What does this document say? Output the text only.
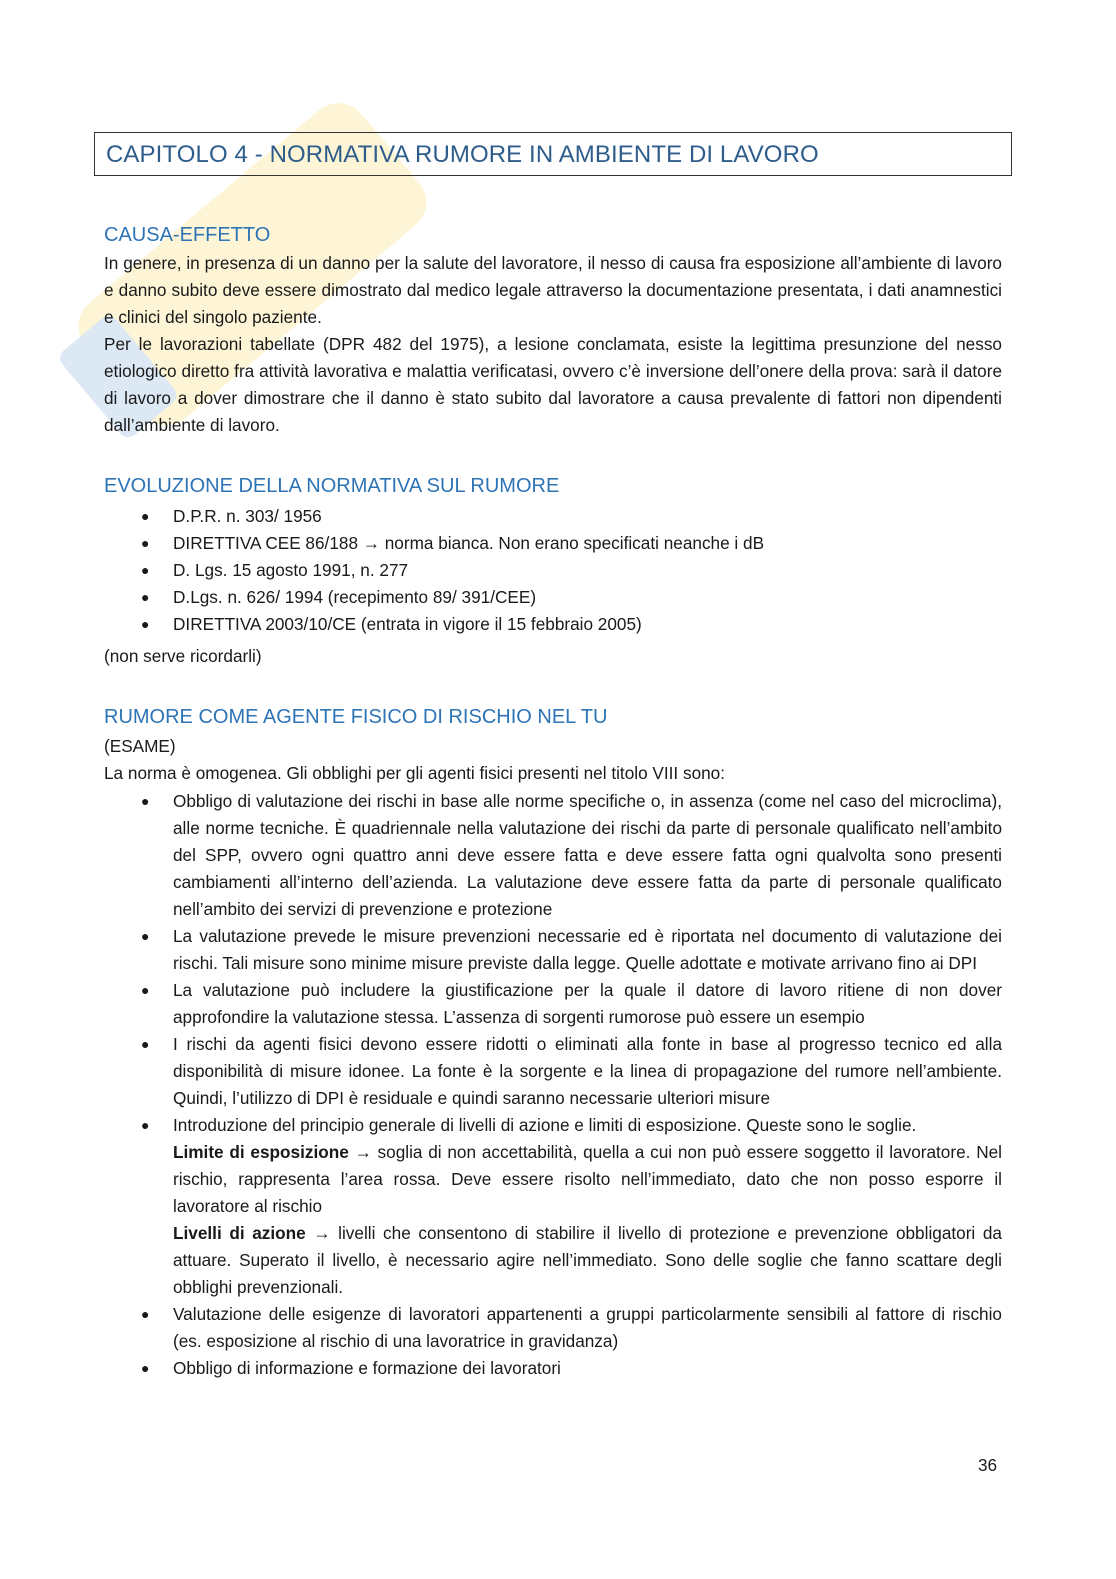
CAPITOLO 4 - NORMATIVA RUMORE IN AMBIENTE DI LAVORO
CAUSA-EFFETTO

In genere, in presenza di un danno per la salute del lavoratore, il nesso di causa fra esposizione all’ambiente di lavoro e danno subito deve essere dimostrato dal medico legale attraverso la documentazione presentata, i dati anamnestici e clinici del singolo paziente.

Per le lavorazioni tabellate (DPR 482 del 1975), a lesione conclamata, esiste la legittima presunzione del nesso etiologico diretto fra attività lavorativa e malattia verificatasi, ovvero c’è inversione dell’onere della prova: sarà il datore di lavoro a dover dimostrare che il danno è stato subito dal lavoratore a causa prevalente di fattori non dipendenti dall’ambiente di lavoro.

EVOLUZIONE DELLA NORMATIVA SUL RUMORE
● D.P.R. n. 303/ 1956
● DIRETTIVA CEE 86/188 → norma bianca. Non erano specificati neanche i dB
● D. Lgs. 15 agosto 1991, n. 277
● D.Lgs. n. 626/ 1994 (recepimento 89/ 391/CEE)
● DIRETTIVA 2003/10/CE (entrata in vigore il 15 febbraio 2005)

(non serve ricordarli)

RUMORE COME AGENTE FISICO DI RISCHIO NEL TU

(ESAME)

La norma è omogenea. Gli obblighi per gli agenti fisici presenti nel titolo VIII sono:

● Obbligo di valutazione dei rischi in base alle norme specifiche o, in assenza (come nel caso del microclima), alle norme tecniche. È quadriennale nella valutazione dei rischi da parte di personale qualificato nell’ambito del SPP, ovvero ogni quattro anni deve essere fatta e deve essere fatta ogni qualvolta sono presenti cambiamenti all’interno dell’azienda. La valutazione deve essere fatta da parte di personale qualificato nell’ambito dei servizi di prevenzione e protezione
● La valutazione prevede le misure prevenzioni necessarie ed è riportata nel documento di valutazione dei rischi. Tali misure sono minime misure previste dalla legge. Quelle adottate e motivate arrivano fino ai DPI
● La valutazione può includere la giustificazione per la quale il datore di lavoro ritiene di non dover approfondire la valutazione stessa. L’assenza di sorgenti rumorose può essere un esempio
● I rischi da agenti fisici devono essere ridotti o eliminati alla fonte in base al progresso tecnico ed alla disponibilità di misure idonee. La fonte è la sorgente e la linea di propagazione del rumore nell’ambiente. Quindi, l’utilizzo di DPI è residuale e quindi saranno necessarie ulteriori misure
● Introduzione del principio generale di livelli di azione e limiti di esposizione. Queste sono le soglie.
Limite di esposizione → soglia di non accettabilità, quella a cui non può essere soggetto il lavoratore. Nel rischio, rappresenta l’area rossa. Deve essere risolto nell’immediato, dato che non posso esporre il lavoratore al rischio
Livelli di azione → livelli che consentono di stabilire il livello di protezione e prevenzione obbligatori da attuare. Superato il livello, è necessario agire nell’immediato. Sono delle soglie che fanno scattare degli obblighi prevenzionali.
● Valutazione delle esigenze di lavoratori appartenenti a gruppi particolarmente sensibili al fattore di rischio (es. esposizione al rischio di una lavoratrice in gravidanza)
● Obbligo di informazione e formazione dei lavoratori
36
